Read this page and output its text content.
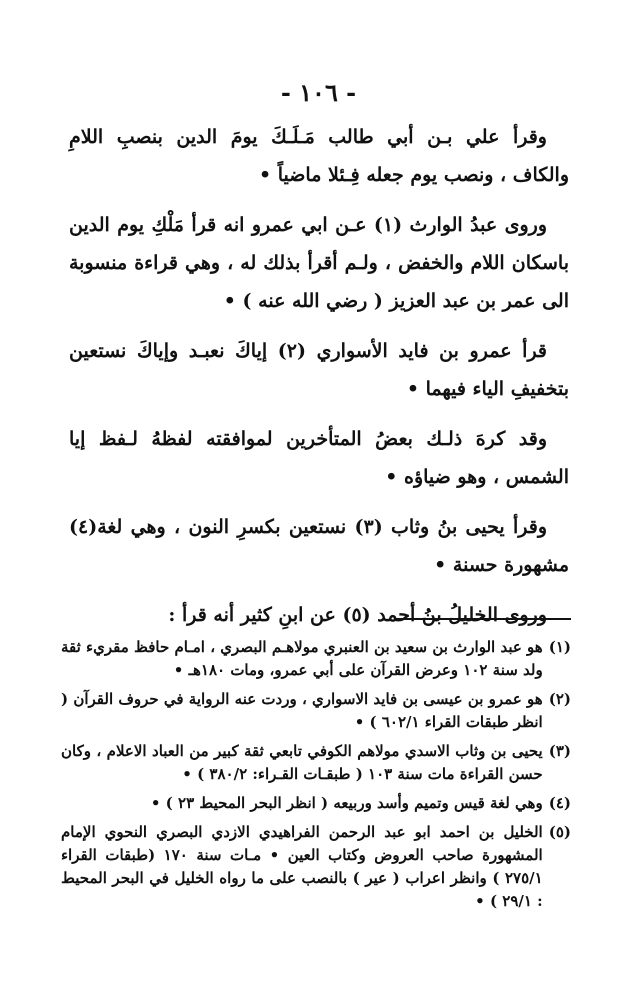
- ١٠٦ -

وقرأ علي بـن أبي طالب مَـلَـكَ يومَ الدين بنصبِ اللامِ والكاف ، ونصب يوم جعله فِـئلا ماضياً •

وروى عبدُ الوارث (١) عـن ابي عمرو انه قرأ مَلْكِ يوم الدين باسكان اللام والخفض ، ولـم أقرأ بذلك له ، وهي قراءة منسوبة الى عمر بن عبد العزيز ( رضي الله عنه ) •

قرأ عمرو بن فايد الأسواري (٢) إياكَ نعبـد وإياكَ نستعين بتخفيفِ الياء فيهما •

وقد كرهَ ذلـك بعضُ المتأخرين لموافقته لفظهُ لـفظ إيا الشمس ، وهو ضياؤه •

وقرأ يحيى بنُ وثاب (٣) نستعين بكسرِ النون ، وهي لغة(٤) مشهورة حسنة •

وروى الخليلُ بنُ أحمد (٥) عن ابنِ كثير أنه قرأ :

(١)
هو عبد الوارث بن سعيد بن العنبري مولاهـم البصري ، امـام حافظ مقريء ثقة ولد سنة ١٠٢ وعرض القرآن على أبي عمرو، ومات ١٨٠هـ •
(٢)
هو عمرو بن عيسى بن فايد الاسواري ، وردت عنه الرواية في حروف القرآن ( انظر طبقات القراء ٦٠٢/١ ) •
(٣)
يحيى بن وثاب الاسدي مولاهم الكوفي تابعي ثقة كبير من العباد الاعلام ، وكان حسن القراءة مات سنة ١٠٣ ( طبقـات القـراء: ٣٨٠/٢ ) •
(٤)
وهي لغة قيس وتميم وأسد وربيعه ( انظر البحر المحيط ٢٣ ) •
(٥)
الخليل بن احمد ابو عبد الرحمن الفراهيدي الازدي البصري النحوي الإمام المشهورة صاحب العروض وكتاب العين • مـات سنة ١٧٠ (طبقات القراء ٢٧٥/١ ) وانظر اعراب ( عير ) بالنصب على ما رواه الخليل في البحر المحيط : ٢٩/١ ) •
